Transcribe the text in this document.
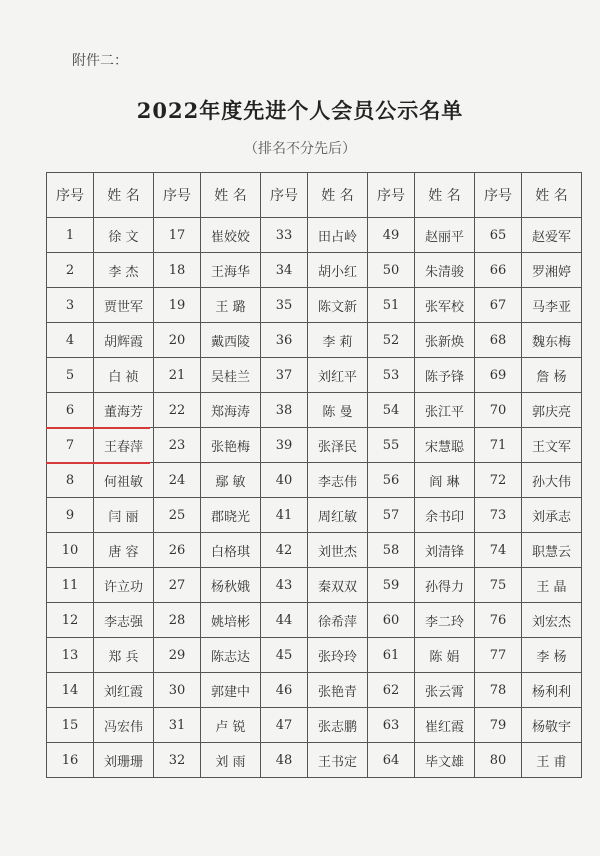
附件二：
2022年度先进个人会员公示名单
（排名不分先后）
序号	姓 名	序号	姓 名	序号	姓 名	序号	姓 名	序号	姓 名
1	徐 文	17	崔姣姣	33	田占岭	49	赵丽平	65	赵爱军
2	李 杰	18	王海华	34	胡小红	50	朱清骏	66	罗湘婷
3	贾世军	19	王 璐	35	陈文新	51	张军校	67	马李亚
4	胡辉霞	20	戴西陵	36	李 莉	52	张新焕	68	魏东梅
5	白 祯	21	吴桂兰	37	刘红平	53	陈予锋	69	詹 杨
6	董海芳	22	郑海涛	38	陈 曼	54	张江平	70	郭庆亮
7	王春萍	23	张艳梅	39	张泽民	55	宋慧聪	71	王文军
8	何祖敏	24	鄢 敏	40	李志伟	56	阎 琳	72	孙大伟
9	闫 丽	25	郡晓光	41	周红敏	57	余书印	73	刘承志
10	唐 容	26	白格琪	42	刘世杰	58	刘清锋	74	职慧云
11	许立功	27	杨秋娥	43	秦双双	59	孙得力	75	王 晶
12	李志强	28	姚培彬	44	徐希萍	60	李二玲	76	刘宏杰
13	郑 兵	29	陈志达	45	张玲玲	61	陈 娟	77	李 杨
14	刘红霞	30	郭建中	46	张艳青	62	张云霄	78	杨利利
15	冯宏伟	31	卢 锐	47	张志鹏	63	崔红霞	79	杨敬宇
16	刘珊珊	32	刘 雨	48	王书定	64	毕文雄	80	王 甫
